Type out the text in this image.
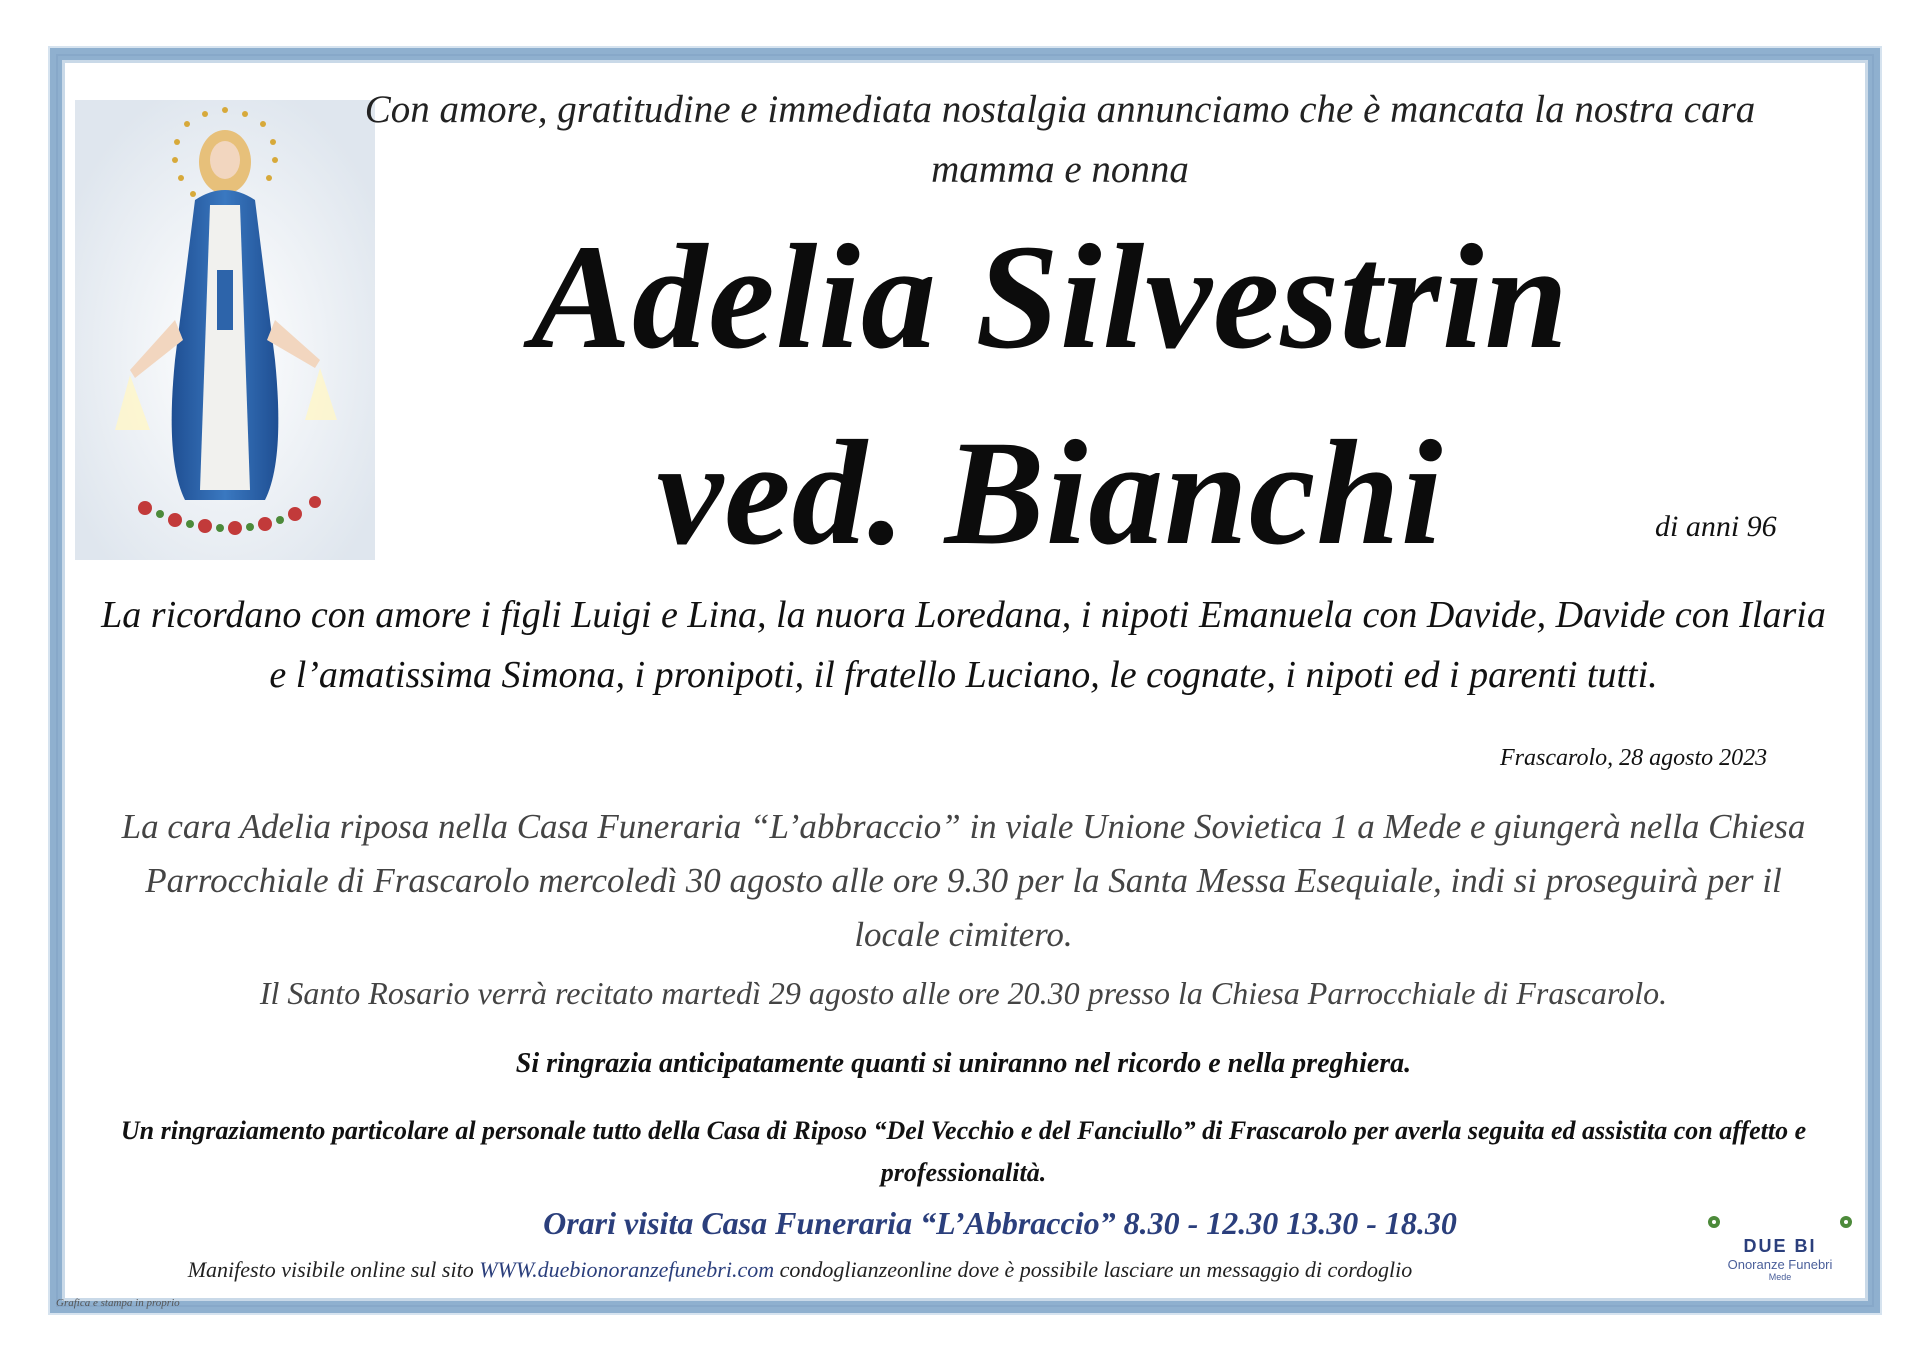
Con amore, gratitudine e immediata nostalgia annunciamo che è mancata la nostra cara mamma e nonna
Adelia Silvestrin
ved. Bianchi	di anni 96
La ricordano con amore i figli Luigi e Lina, la nuora Loredana, i nipoti Emanuela con Davide, Davide con Ilaria e l’amatissima Simona, i pronipoti, il fratello Luciano, le cognate, i nipoti ed i parenti tutti.
Frascarolo, 28 agosto 2023
La cara Adelia riposa nella Casa Funeraria “L’abbraccio” in viale Unione Sovietica 1 a Mede e giungerà nella Chiesa Parrocchiale di Frascarolo mercoledì 30 agosto alle ore 9.30 per la Santa Messa Esequiale, indi si proseguirà per il locale cimitero.
Il Santo Rosario verrà recitato martedì 29 agosto alle ore 20.30 presso la Chiesa Parrocchiale di Frascarolo.
Si ringrazia anticipatamente quanti si uniranno nel ricordo e nella preghiera.
Un ringraziamento particolare al personale tutto della Casa di Riposo “Del Vecchio e del Fanciullo” di Frascarolo per averla seguita ed assistita con affetto e professionalità.
Orari visita Casa Funeraria “L’Abbraccio” 8.30 - 12.30 13.30 - 18.30
Manifesto visibile online sul sito WWW.duebionoranzefunebri.com condoglianzeonline dove è possibile lasciare un messaggio di cordoglio
Grafica e stampa in proprio
DUE BI
Onoranze Funebri
Mede
